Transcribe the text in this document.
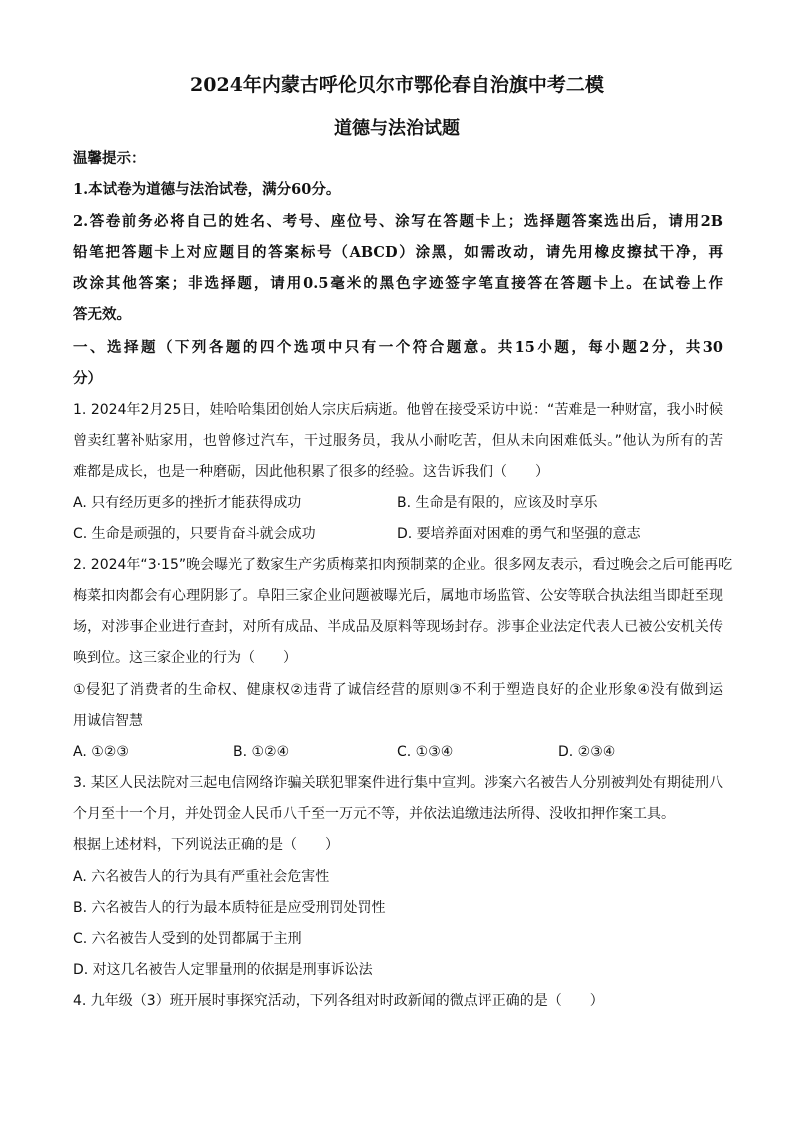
2024年内蒙古呼伦贝尔市鄂伦春自治旗中考二模
道德与法治试题
温馨提示：
1.本试卷为道德与法治试卷，满分60分。
2.答卷前务必将自己的姓名、考号、座位号、涂写在答题卡上；选择题答案选出后，请用2B
铅笔把答题卡上对应题目的答案标号（ABCD）涂黑，如需改动，请先用橡皮擦拭干净，再
改涂其他答案；非选择题，请用0.5毫米的黑色字迹签字笔直接答在答题卡上。在试卷上作
答无效。
一、选择题（下列各题的四个选项中只有一个符合题意。共15小题，每小题2分，共30
分）
1. 2024年2月25日，娃哈哈集团创始人宗庆后病逝。他曾在接受采访中说：“苦难是一种财富，我小时候
曾卖红薯补贴家用，也曾修过汽车，干过服务员，我从小耐吃苦，但从未向困难低头。”他认为所有的苦
难都是成长，也是一种磨砺，因此他积累了很多的经验。这告诉我们（　　）
A. 只有经历更多的挫折才能获得成功	B. 生命是有限的，应该及时享乐
C. 生命是顽强的，只要肯奋斗就会成功	D. 要培养面对困难的勇气和坚强的意志
2. 2024年“3·15”晚会曝光了数家生产劣质梅菜扣肉预制菜的企业。很多网友表示，看过晚会之后可能再吃
梅菜扣肉都会有心理阴影了。阜阳三家企业问题被曝光后，属地市场监管、公安等联合执法组当即赶至现
场，对涉事企业进行查封，对所有成品、半成品及原料等现场封存。涉事企业法定代表人已被公安机关传
唤到位。这三家企业的行为（　　）
①侵犯了消费者的生命权、健康权②违背了诚信经营的原则③不利于塑造良好的企业形象④没有做到运
用诚信智慧
A. ①②③	B. ①②④	C. ①③④	D. ②③④
3. 某区人民法院对三起电信网络诈骗关联犯罪案件进行集中宣判。涉案六名被告人分别被判处有期徒刑八
个月至十一个月，并处罚金人民币八千至一万元不等，并依法追缴违法所得、没收扣押作案工具。
根据上述材料，下列说法正确的是（　　）
A. 六名被告人的行为具有严重社会危害性
B. 六名被告人的行为最本质特征是应受刑罚处罚性
C. 六名被告人受到的处罚都属于主刑
D. 对这几名被告人定罪量刑的依据是刑事诉讼法
4. 九年级（3）班开展时事探究活动，下列各组对时政新闻的微点评正确的是（　　）
